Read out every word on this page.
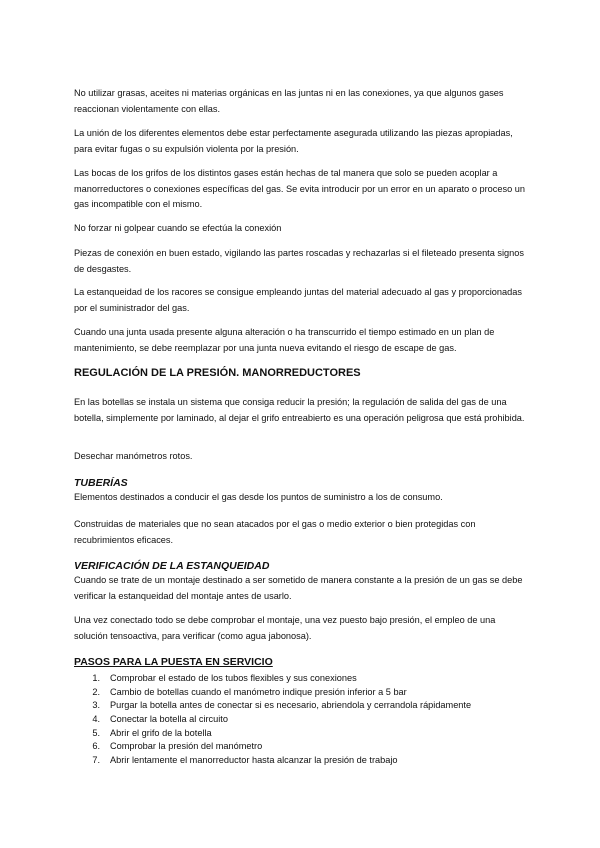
No utilizar grasas, aceites ni materias orgánicas en las juntas ni en las conexiones, ya que algunos gases reaccionan violentamente con ellas.

La unión de los diferentes elementos debe estar perfectamente asegurada utilizando las piezas apropiadas, para evitar fugas o su expulsión violenta por la presión.

Las bocas de los grifos de los distintos gases están hechas de tal manera que solo se pueden acoplar a manorreductores o conexiones específicas del gas. Se evita introducir por un error en un aparato o proceso un gas incompatible con el mismo.

No forzar ni golpear cuando se efectúa la conexión

Piezas de conexión en buen estado, vigilando las partes roscadas y rechazarlas si el fileteado presenta signos de desgastes.

La estanqueidad de los racores se consigue empleando juntas del material adecuado al gas y proporcionadas por el suministrador del gas.

Cuando una junta usada presente alguna alteración o ha transcurrido el tiempo estimado en un plan de mantenimiento, se debe reemplazar por una junta nueva evitando el riesgo de escape de gas.

REGULACIÓN DE LA PRESIÓN. MANORREDUCTORES

En las botellas se instala un sistema que consiga reducir la presión; la regulación de salida del gas de una botella, simplemente por laminado, al dejar el grifo entreabierto es una operación peligrosa que está prohibida.

Desechar manómetros rotos.

TUBERÍAS

Elementos destinados a conducir el gas desde los puntos de suministro a los de consumo.

Construidas de materiales que no sean atacados por el gas o medio exterior o bien protegidas con recubrimientos eficaces.

VERIFICACIÓN DE LA ESTANQUEIDAD

Cuando se trate de un montaje destinado a ser sometido de manera constante a la presión de un gas se debe verificar la estanqueidad del montaje antes de usarlo.

Una vez conectado todo se debe comprobar el montaje, una vez puesto bajo presión, el empleo de una solución tensoactiva, para verificar (como agua jabonosa).

PASOS PARA LA PUESTA EN SERVICIO
1. Comprobar el estado de los tubos flexibles y sus conexiones
2. Cambio de botellas cuando el manómetro indique presión inferior a 5 bar
3. Purgar la botella antes de conectar si es necesario, abriendola y cerrandola rápidamente
4. Conectar la botella al circuito
5. Abrir el grifo de la botella
6. Comprobar la presión del manómetro
7. Abrir lentamente el manorreductor hasta alcanzar la presión de trabajo
